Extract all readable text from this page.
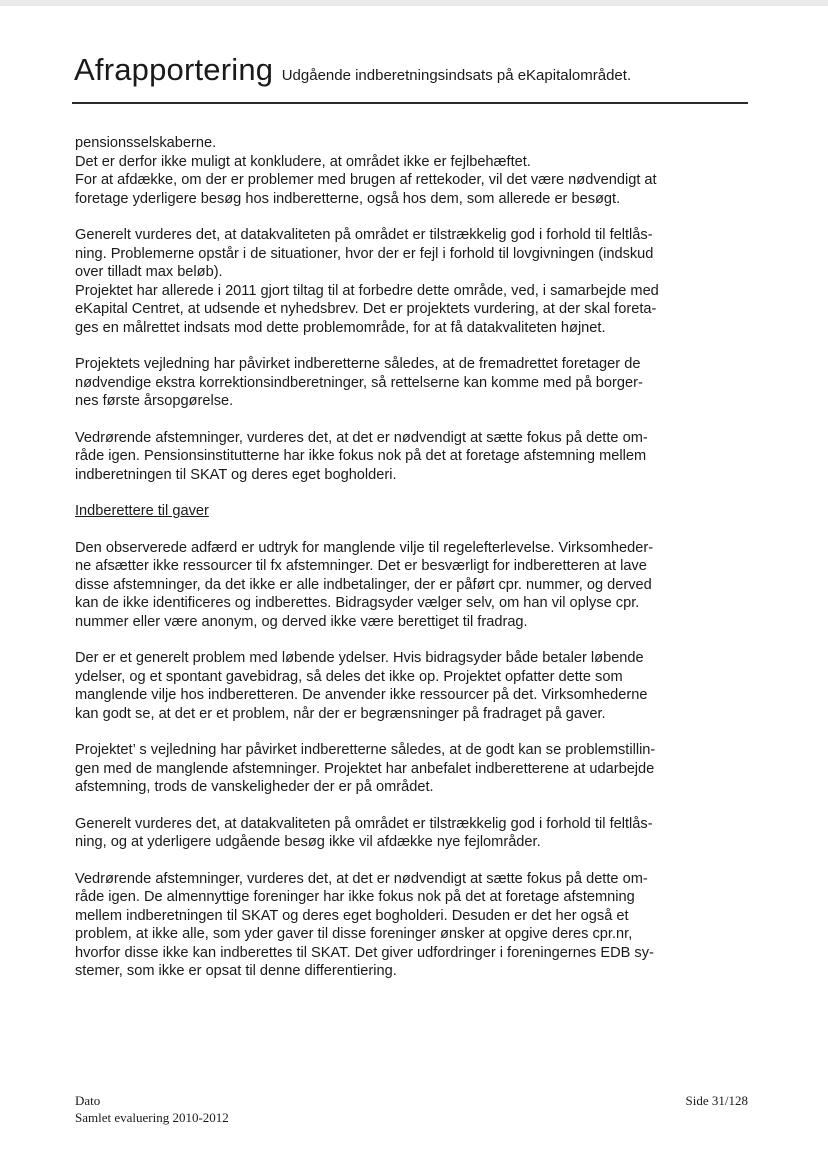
Afrapportering Udgående indberetningsindsats på eKapitalområdet.

pensionsselskaberne.
Det er derfor ikke muligt at konkludere, at området ikke er fejlbehæftet.
For at afdække, om der er problemer med brugen af rettekoder, vil det være nødvendigt at
foretage yderligere besøg hos indberetterne, også hos dem, som allerede er besøgt.

Generelt vurderes det, at datakvaliteten på området er tilstrækkelig god i forhold til feltlås-
ning. Problemerne opstår i de situationer, hvor der er fejl i forhold til lovgivningen (indskud
over tilladt max beløb).

Projektet har allerede i 2011 gjort tiltag til at forbedre dette område, ved, i samarbejde med
eKapital Centret, at udsende et nyhedsbrev. Det er projektets vurdering, at der skal foreta-
ges en målrettet indsats mod dette problemområde, for at få datakvaliteten højnet.

Projektets vejledning har påvirket indberetterne således, at de fremadrettet foretager de
nødvendige ekstra korrektionsindberetninger, så rettelserne kan komme med på borger-
nes første årsopgørelse.

Vedrørende afstemninger, vurderes det, at det er nødvendigt at sætte fokus på dette om-
råde igen. Pensionsinstitutterne har ikke fokus nok på det at foretage afstemning mellem
indberetningen til SKAT og deres eget bogholderi.

Indberettere til gaver

Den observerede adfærd er udtryk for manglende vilje til regelefterlevelse. Virksomheder-
ne afsætter ikke ressourcer til fx afstemninger. Det er besværligt for indberetteren at lave
disse afstemninger, da det ikke er alle indbetalinger, der er påført cpr. nummer, og derved
kan de ikke identificeres og indberettes. Bidragsyder vælger selv, om han vil oplyse cpr.
nummer eller være anonym, og derved ikke være berettiget til fradrag.

Der er et generelt problem med løbende ydelser. Hvis bidragsyder både betaler løbende
ydelser, og et spontant gavebidrag, så deles det ikke op. Projektet opfatter dette som
manglende vilje hos indberetteren. De anvender ikke ressourcer på det. Virksomhederne
kan godt se, at det er et problem, når der er begrænsninger på fradraget på gaver.

Projektet’ s vejledning har påvirket indberetterne således, at de godt kan se problemstillin-
gen med de manglende afstemninger. Projektet har anbefalet indberetterene at udarbejde
afstemning, trods de vanskeligheder der er på området.

Generelt vurderes det, at datakvaliteten på området er tilstrækkelig god i forhold til feltlås-
ning, og at yderligere udgående besøg ikke vil afdække nye fejlområder.

Vedrørende afstemninger, vurderes det, at det er nødvendigt at sætte fokus på dette om-
råde igen. De almennyttige foreninger har ikke fokus nok på det at foretage afstemning
mellem indberetningen til SKAT og deres eget bogholderi. Desuden er det her også et
problem, at ikke alle, som yder gaver til disse foreninger ønsker at opgive deres cpr.nr,
hvorfor disse ikke kan indberettes til SKAT. Det giver udfordringer i foreningernes EDB sy-
stemer, som ikke er opsat til denne differentiering.

Dato
Samlet evaluering 2010-2012
Side 31/128
